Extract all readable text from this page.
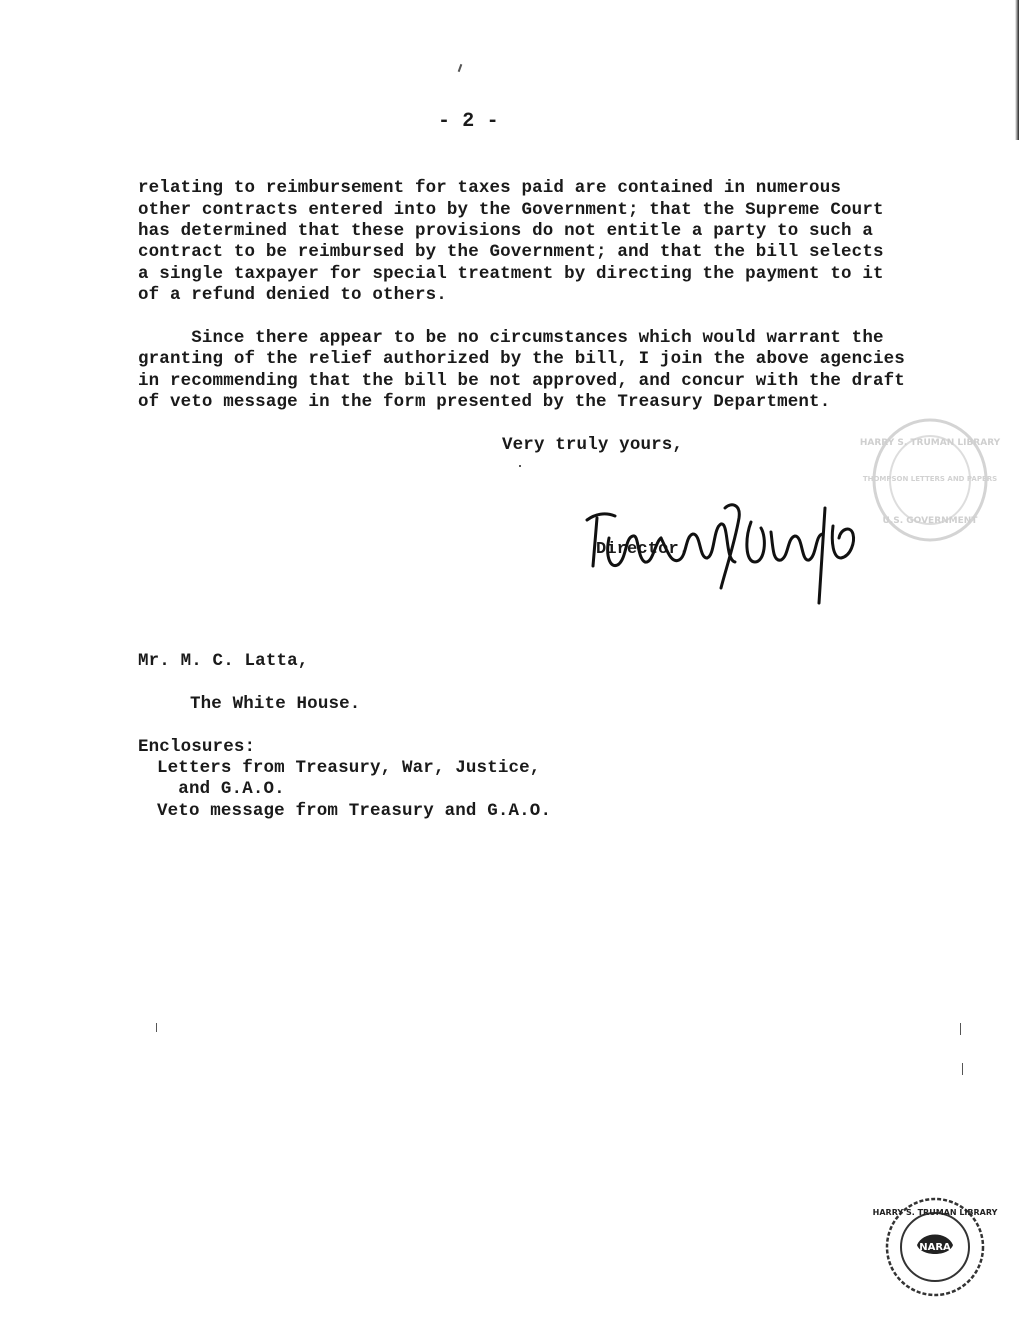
- 2 -
relating to reimbursement for taxes paid are contained in numerous
other contracts entered into by the Government; that the Supreme Court
has determined that these provisions do not entitle a party to such a
contract to be reimbursed by the Government; and that the bill selects
a single taxpayer for special treatment by directing the payment to it
of a refund denied to others.
Since there appear to be no circumstances which would warrant the
granting of the relief authorized by the bill, I join the above agencies
in recommending that the bill be not approved, and concur with the draft
of veto message in the form presented by the Treasury Department.
Very truly yours,
Director.
Mr. M. C. Latta,
The White House.
Enclosures:
Letters from Treasury, War, Justice,
and G.A.O.
Veto message from Treasury and G.A.O.
HARRY S. TRUMAN LIBRARY
THOMPSON LETTERS AND PAPERS
U.S. GOVERNMENT
HARRY S. TRUMAN LIBRARY
NARA
